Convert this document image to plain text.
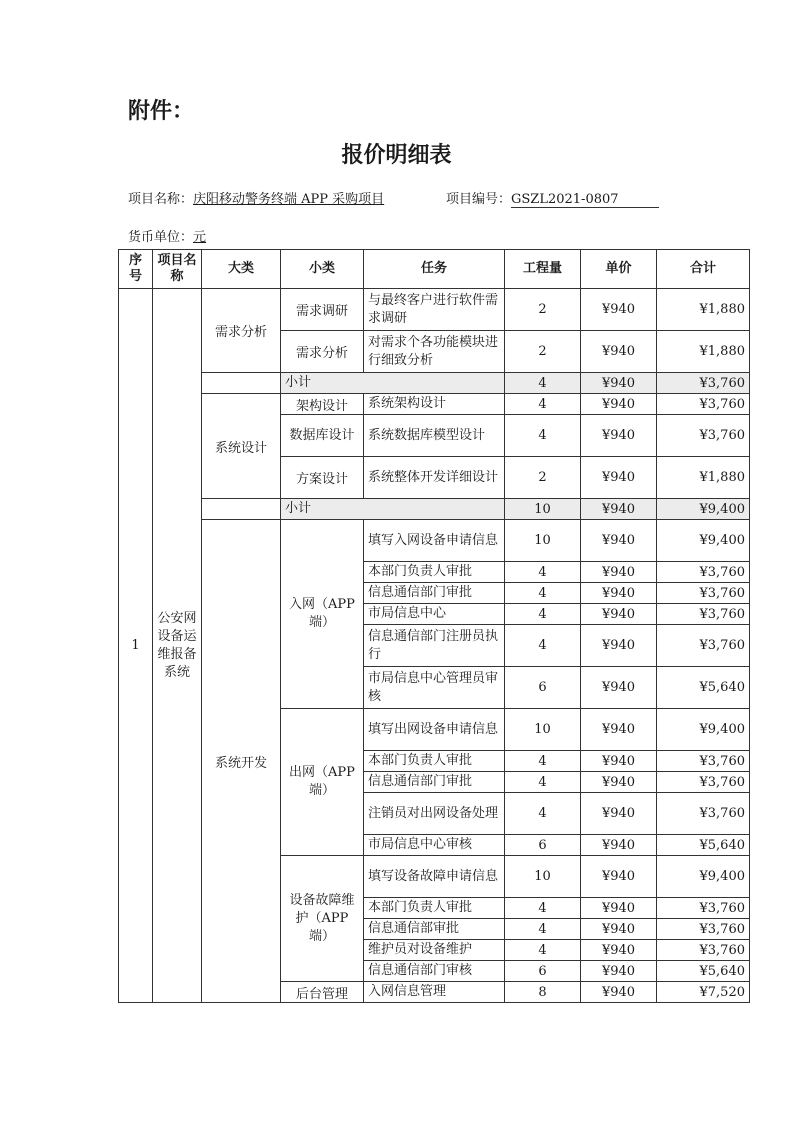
附件：
报价明细表
项目名称：庆阳移动警务终端 APP 采购项目	项目编号：GSZL2021-0807
货币单位：元
序号	项目名称	大类	小类	任务	工程量	单价	合计
1	公安网设备运维报备系统	需求分析	需求调研	与最终客户进行软件需求调研	2	¥940	¥1,880
			需求分析	对需求个各功能模块进行细致分析	2	¥940	¥1,880
			小计		4	¥940	¥3,760
		系统设计	架构设计	系统架构设计	4	¥940	¥3,760
			数据库设计	系统数据库模型设计	4	¥940	¥3,760
			方案设计	系统整体开发详细设计	2	¥940	¥1,880
			小计		10	¥940	¥9,400
		系统开发	入网（APP 端）	填写入网设备申请信息	10	¥940	¥9,400
				本部门负责人审批	4	¥940	¥3,760
				信息通信部门审批	4	¥940	¥3,760
				市局信息中心	4	¥940	¥3,760
				信息通信部门注册员执行	4	¥940	¥3,760
				市局信息中心管理员审核	6	¥940	¥5,640
			出网（APP 端）	填写出网设备申请信息	10	¥940	¥9,400
				本部门负责人审批	4	¥940	¥3,760
				信息通信部门审批	4	¥940	¥3,760
				注销员对出网设备处理	4	¥940	¥3,760
				市局信息中心审核	6	¥940	¥5,640
			设备故障维护（APP 端）	填写设备故障申请信息	10	¥940	¥9,400
				本部门负责人审批	4	¥940	¥3,760
				信息通信部审批	4	¥940	¥3,760
				维护员对设备维护	4	¥940	¥3,760
				信息通信部门审核	6	¥940	¥5,640
			后台管理	入网信息管理	8	¥940	¥7,520
